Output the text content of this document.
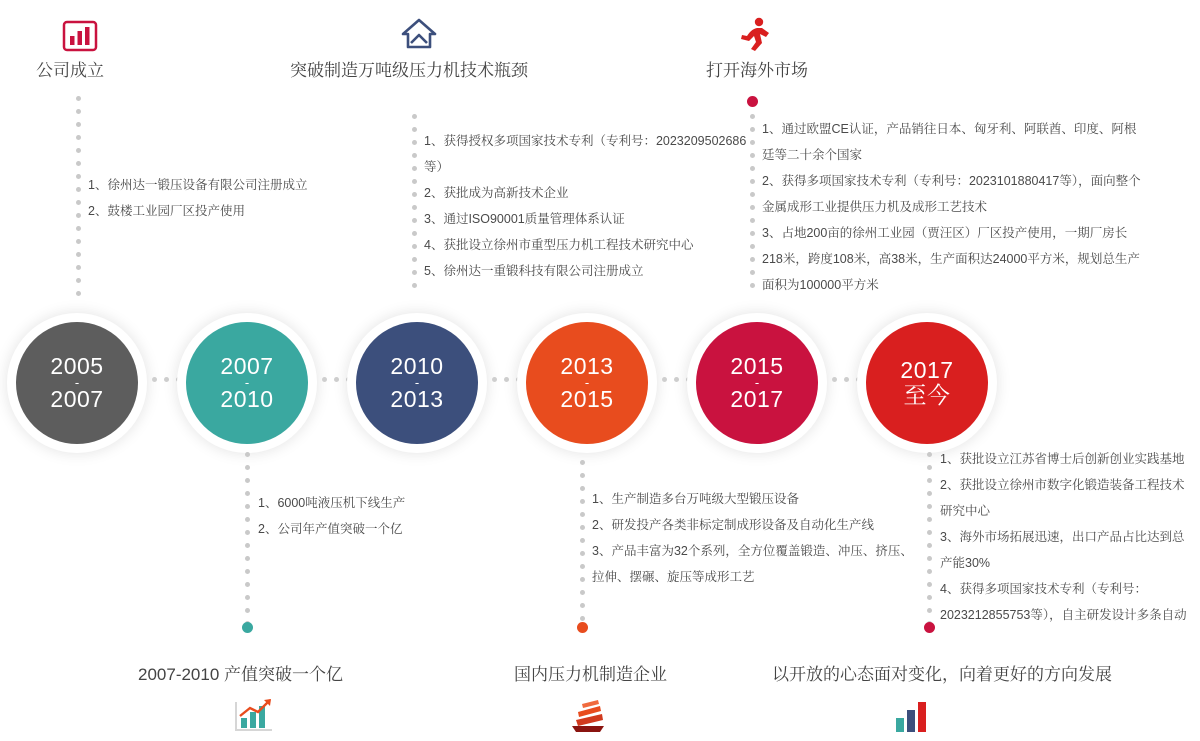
公司成立	突破制造万吨级压力机技术瓶颈	打开海外市场

1、徐州达一锻压设备有限公司注册成立

2、鼓楼工业园厂区投产使用

1、获得授权多项国家技术专利（专利号：2023209502686

等）

2、获批成为高新技术企业

3、通过ISO90001质量管理体系认证

4、获批设立徐州市重型压力机工程技术研究中心

5、徐州达一重锻科技有限公司注册成立

1、通过欧盟CE认证，产品销往日本、匈牙利、阿联酋、印度、阿根

廷等二十余个国家

2、获得多项国家技术专利（专利号：2023101880417等），面向整个

金属成形工业提供压力机及成形工艺技术

3、占地200亩的徐州工业园（贾汪区）厂区投产使用，一期厂房长

218米，跨度108米，高38米，生产面积达24000平方米，规划总生产

面积为100000平方米

2005
-
2007
2007
-
2010
2010
-
2013
2013
-
2015
2015
-
2017
2017
至今

1、6000吨液压机下线生产

2、公司年产值突破一个亿

1、生产制造多台万吨级大型锻压设备

2、研发投产各类非标定制成形设备及自动化生产线

3、产品丰富为32个系列，全方位覆盖锻造、冲压、挤压、

拉伸、摆碾、旋压等成形工艺

1、获批设立江苏省博士后创新创业实践基地

2、获批设立徐州市数字化锻造装备工程技术

研究中心

3、海外市场拓展迅速，出口产品占比达到总

产能30%

4、获得多项国家技术专利（专利号：

2023212855753等），自主研发设计多条自动

2007-2010 产值突破一个亿	国内压力机制造企业	以开放的心态面对变化，向着更好的方向发展
